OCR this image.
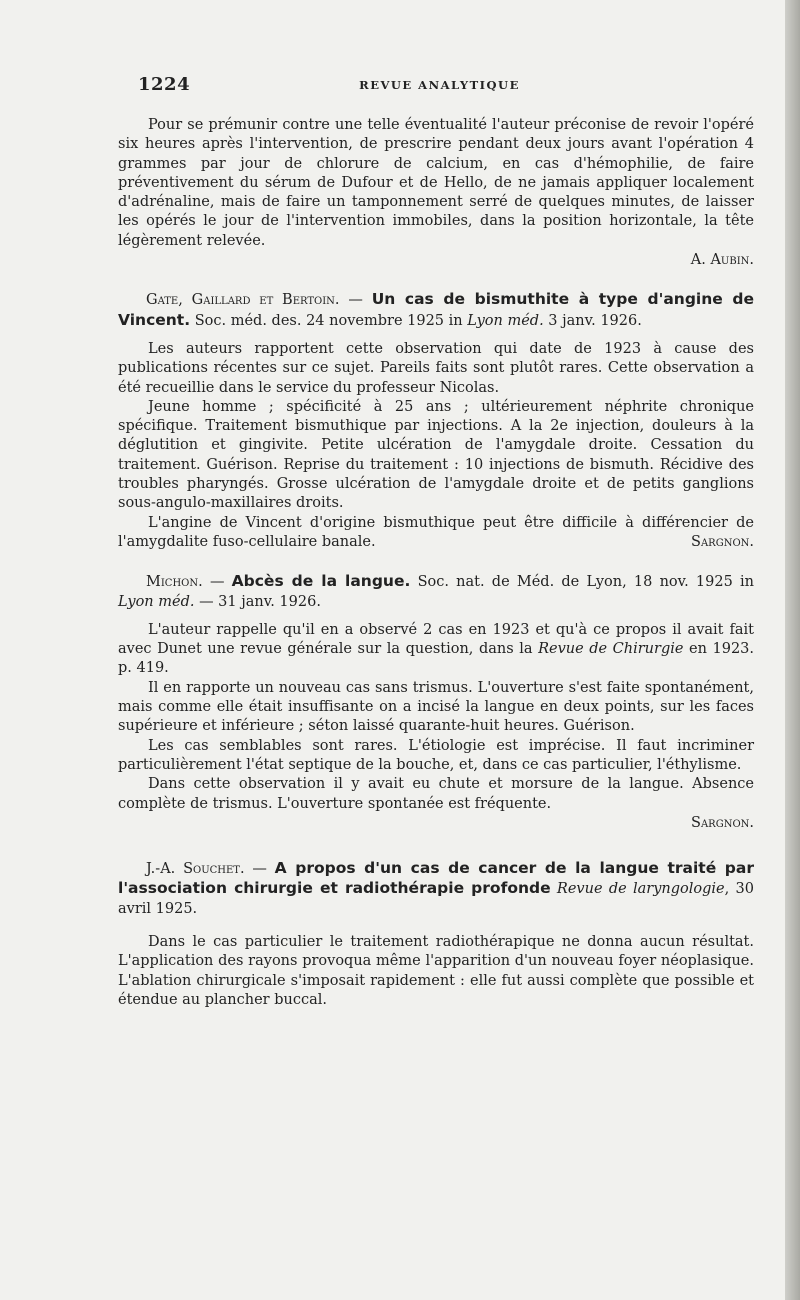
1224	REVUE ANALYTIQUE

Pour se prémunir contre une telle éventualité l'auteur préconise de revoir l'opéré six heures après l'intervention, de prescrire pendant deux jours avant l'opération 4 grammes par jour de chlorure de calcium, en cas d'hémophilie, de faire préventivement du sérum de Dufour et de Hello, de ne jamais appliquer localement d'adrénaline, mais de faire un tamponnement serré de quelques minutes, de laisser les opérés le jour de l'intervention immobiles, dans la position horizontale, la tête légèrement relevée.

A. Aubin.

Gate, Gaillard et Bertoin. — Un cas de bismuthite à type d'angine de Vincent. Soc. méd. des. 24 novembre 1925 in Lyon méd. 3 janv. 1926.

Les auteurs rapportent cette observation qui date de 1923 à cause des publications récentes sur ce sujet. Pareils faits sont plutôt rares. Cette observation a été recueillie dans le service du professeur Nicolas.

Jeune homme ; spécificité à 25 ans ; ultérieurement néphrite chronique spécifique. Traitement bismuthique par injections. A la 2e injection, douleurs à la déglutition et gingivite. Petite ulcération de l'amygdale droite. Cessation du traitement. Guérison. Reprise du traitement : 10 injections de bismuth. Récidive des troubles pharyngés. Grosse ulcération de l'amygdale droite et de petits ganglions sous-angulo-maxillaires droits.

L'angine de Vincent d'origine bismuthique peut être difficile à différencier de l'amygdalite fuso-cellulaire banale.	Sargnon.

Michon. — Abcès de la langue. Soc. nat. de Méd. de Lyon, 18 nov. 1925 in Lyon méd. — 31 janv. 1926.

L'auteur rappelle qu'il en a observé 2 cas en 1923 et qu'à ce propos il avait fait avec Dunet une revue générale sur la question, dans la Revue de Chirurgie en 1923. p. 419.

Il en rapporte un nouveau cas sans trismus. L'ouverture s'est faite spontanément, mais comme elle était insuffisante on a incisé la langue en deux points, sur les faces supérieure et inférieure ; séton laissé quarante-huit heures. Guérison.

Les cas semblables sont rares. L'étiologie est imprécise. Il faut incriminer particulièrement l'état septique de la bouche, et, dans ce cas particulier, l'éthylisme.

Dans cette observation il y avait eu chute et morsure de la langue. Absence complète de trismus. L'ouverture spontanée est fréquente.

Sargnon.

J.-A. Souchet. — A propos d'un cas de cancer de la langue traité par l'association chirurgie et radiothérapie profonde Revue de laryngologie, 30 avril 1925.

Dans le cas particulier le traitement radiothérapique ne donna aucun résultat. L'application des rayons provoqua même l'apparition d'un nouveau foyer néoplasique. L'ablation chirurgicale s'imposait rapidement : elle fut aussi complète que possible et étendue au plancher buccal.
